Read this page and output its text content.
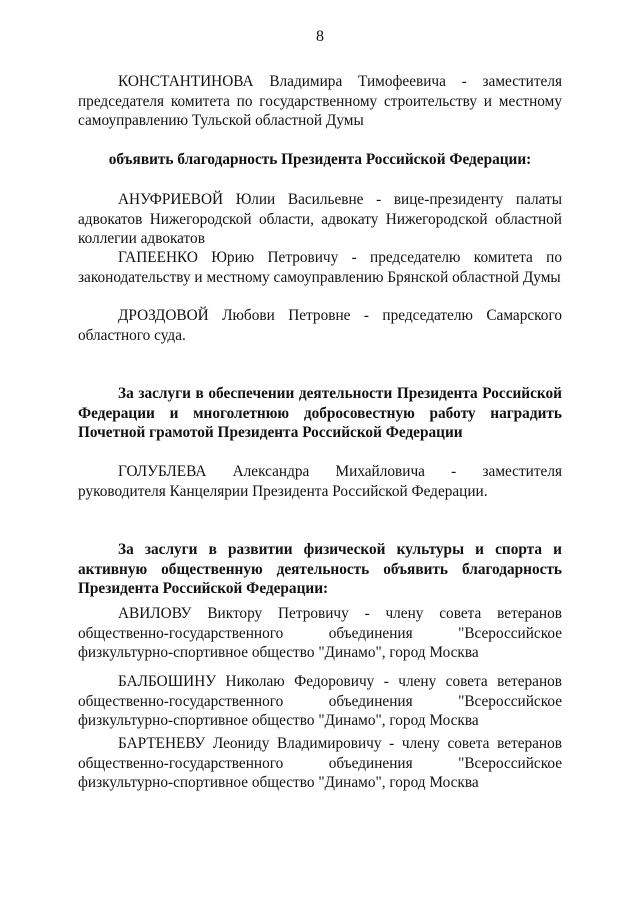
8

КОНСТАНТИНОВА Владимира Тимофеевича - заместителя председателя комитета по государственному строительству и местному самоуправлению Тульской областной Думы

объявить благодарность Президента Российской Федерации:

АНУФРИЕВОЙ Юлии Васильевне - вице-президенту палаты адвокатов Нижегородской области, адвокату Нижегородской областной коллегии адвокатов

ГАПЕЕНКО Юрию Петровичу - председателю комитета по законодательству и местному самоуправлению Брянской областной Думы

ДРОЗДОВОЙ Любови Петровне - председателю Самарского областного суда.

За заслуги в обеспечении деятельности Президента Российской Федерации и многолетнюю добросовестную работу наградить Почетной грамотой Президента Российской Федерации

ГОЛУБЛЕВА Александра Михайловича - заместителя руководителя Канцелярии Президента Российской Федерации.

За заслуги в развитии физической культуры и спорта и активную общественную деятельность объявить благодарность Президента Российской Федерации:

АВИЛОВУ Виктору Петровичу - члену совета ветеранов общественно-государственного объединения "Всероссийское физкультурно-спортивное общество "Динамо", город Москва

БАЛБОШИНУ Николаю Федоровичу - члену совета ветеранов общественно-государственного объединения "Всероссийское физкультурно-спортивное общество "Динамо", город Москва

БАРТЕНЕВУ Леониду Владимировичу - члену совета ветеранов общественно-государственного объединения "Всероссийское физкультурно-спортивное общество "Динамо", город Москва
